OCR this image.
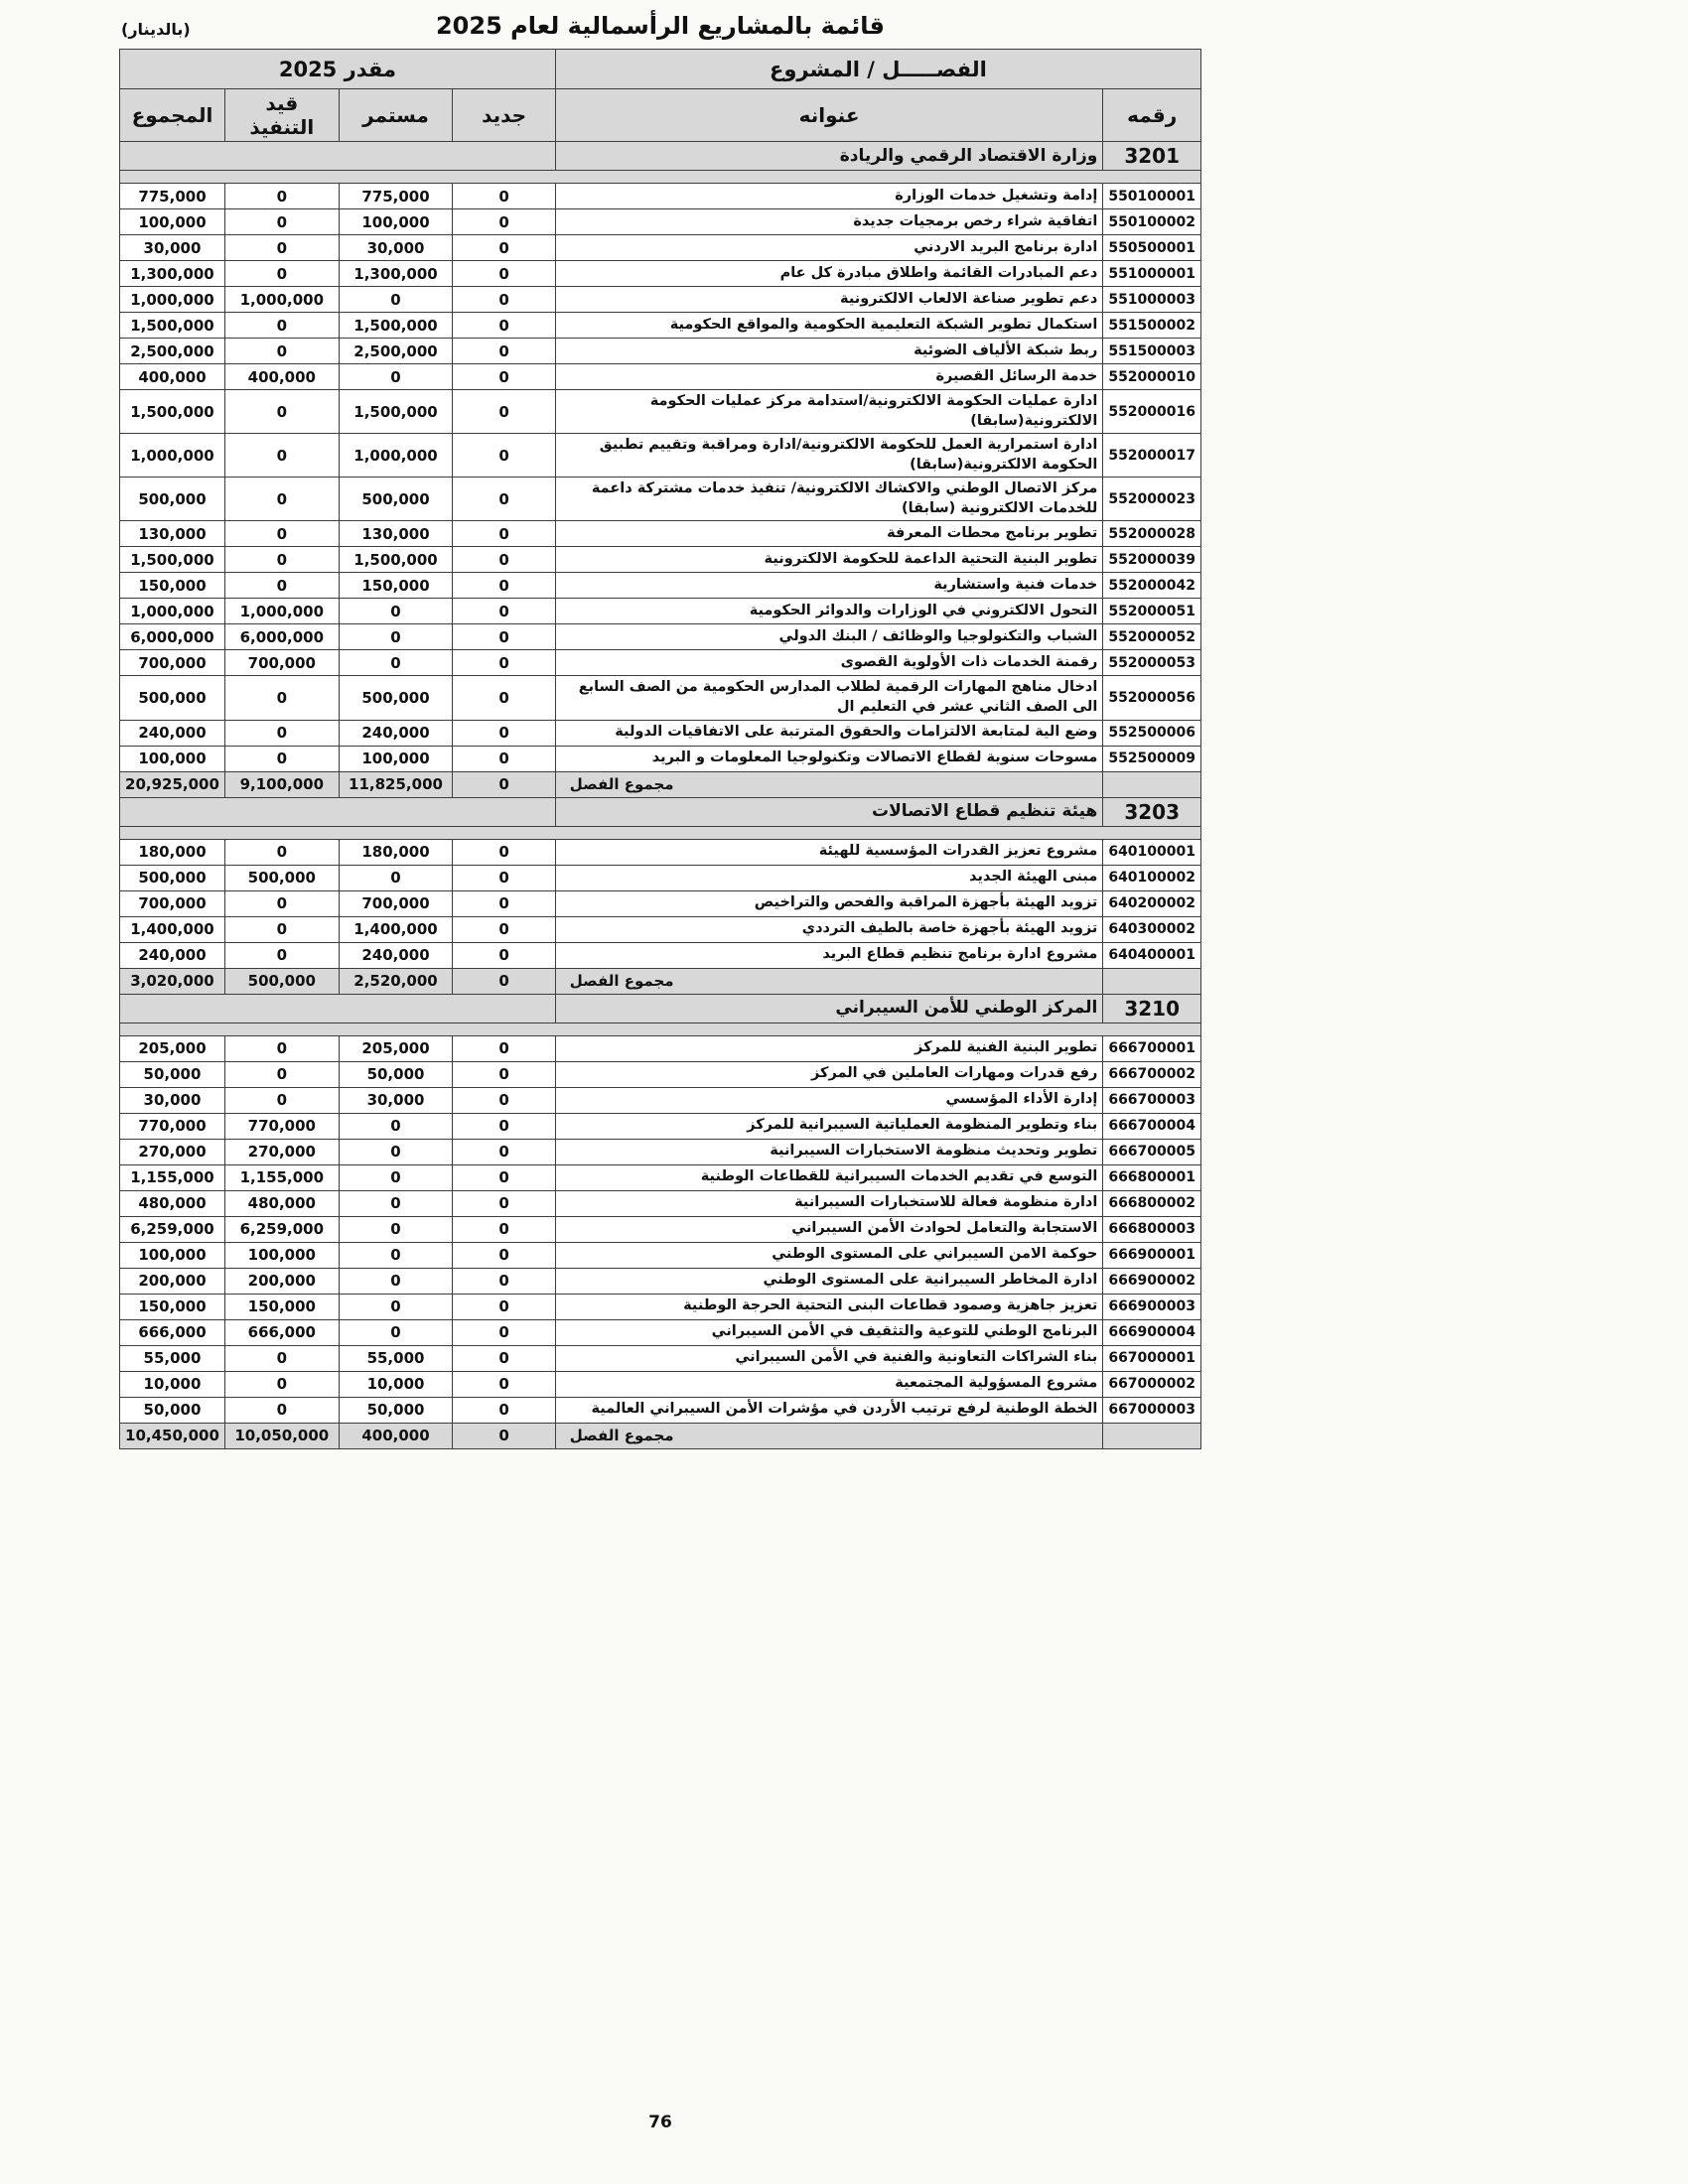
(بالدينار)	قائمة بالمشاريع الرأسمالية لعام 2025
الفصـــــل / المشروع		مقدر 2025			
رقمه	عنوانه	جديد	مستمر	قيد التنفيذ	المجموع
3201	وزارة الاقتصاد الرقمي والريادة				

550100001	إدامة وتشغيل خدمات الوزارة	0	775,000	0	775,000
550100002	اتفاقية شراء رخص برمجيات جديدة	0	100,000	0	100,000
550500001	ادارة برنامج البريد الاردني	0	30,000	0	30,000
551000001	دعم المبادرات القائمة واطلاق مبادرة كل عام	0	1,300,000	0	1,300,000
551000003	دعم تطوير صناعة الالعاب الالكترونية	0	0	1,000,000	1,000,000
551500002	استكمال تطوير الشبكة التعليمية الحكومية والمواقع الحكومية	0	1,500,000	0	1,500,000
551500003	ربط شبكة الألياف الضوئية	0	2,500,000	0	2,500,000
552000010	خدمة الرسائل القصيرة	0	0	400,000	400,000
552000016	ادارة عمليات الحكومة الالكترونية/استدامة مركز عمليات الحكومة الالكترونية(سابقا)	0	1,500,000	0	1,500,000
552000017	ادارة استمرارية العمل للحكومة الالكترونية/ادارة ومراقبة وتقييم تطبيق الحكومة الالكترونية(سابقا)	0	1,000,000	0	1,000,000
552000023	مركز الاتصال الوطني والاكشاك الالكترونية/ تنفيذ خدمات مشتركة داعمة للخدمات الالكترونية (سابقا)	0	500,000	0	500,000
552000028	تطوير برنامج محطات المعرفة	0	130,000	0	130,000
552000039	تطوير البنية التحتية الداعمة للحكومة الالكترونية	0	1,500,000	0	1,500,000
552000042	خدمات فنية واستشارية	0	150,000	0	150,000
552000051	التحول الالكتروني في الوزارات والدوائر الحكومية	0	0	1,000,000	1,000,000
552000052	الشباب والتكنولوجيا والوظائف / البنك الدولي	0	0	6,000,000	6,000,000
552000053	رقمنة الخدمات ذات الأولوية القصوى	0	0	700,000	700,000
552000056	ادخال مناهج المهارات الرقمية لطلاب المدارس الحكومية من الصف السابع الى الصف الثاني عشر في التعليم ال	0	500,000	0	500,000
552500006	وضع الية لمتابعة الالتزامات والحقوق المترتبة على الاتفاقيات الدولية	0	240,000	0	240,000
552500009	مسوحات سنوية لقطاع الاتصالات وتكنولوجيا المعلومات و البريد	0	100,000	0	100,000
	مجموع الفصل	0	11,825,000	9,100,000	20,925,000
3203	هيئة تنظيم قطاع الاتصالات				

640100001	مشروع تعزيز القدرات المؤسسية للهيئة	0	180,000	0	180,000
640100002	مبنى الهيئة الجديد	0	0	500,000	500,000
640200002	تزويد الهيئة بأجهزة المراقبة والفحص والتراخيص	0	700,000	0	700,000
640300002	تزويد الهيئة بأجهزة خاصة بالطيف الترددي	0	1,400,000	0	1,400,000
640400001	مشروع ادارة برنامج تنظيم قطاع البريد	0	240,000	0	240,000
	مجموع الفصل	0	2,520,000	500,000	3,020,000
3210	المركز الوطني للأمن السيبراني				

666700001	تطوير البنية الفنية للمركز	0	205,000	0	205,000
666700002	رفع قدرات ومهارات العاملين في المركز	0	50,000	0	50,000
666700003	إدارة الأداء المؤسسي	0	30,000	0	30,000
666700004	بناء وتطوير المنظومة العملياتية السيبرانية للمركز	0	0	770,000	770,000
666700005	تطوير وتحديث منظومة الاستخبارات السيبرانية	0	0	270,000	270,000
666800001	التوسع في تقديم الخدمات السيبرانية للقطاعات الوطنية	0	0	1,155,000	1,155,000
666800002	ادارة منظومة فعالة للاستخبارات السيبرانية	0	0	480,000	480,000
666800003	الاستجابة والتعامل لحوادث الأمن السيبراني	0	0	6,259,000	6,259,000
666900001	حوكمة الامن السيبراني على المستوى الوطني	0	0	100,000	100,000
666900002	ادارة المخاطر السيبرانية على المستوى الوطني	0	0	200,000	200,000
666900003	تعزيز جاهزية وصمود قطاعات البنى التحتية الحرجة الوطنية	0	0	150,000	150,000
666900004	البرنامج الوطني للتوعية والتثقيف في الأمن السيبراني	0	0	666,000	666,000
667000001	بناء الشراكات التعاونية والفنية في الأمن السيبراني	0	55,000	0	55,000
667000002	مشروع المسؤولية المجتمعية	0	10,000	0	10,000
667000003	الخطة الوطنية لرفع ترتيب الأردن في مؤشرات الأمن السيبراني العالمية	0	50,000	0	50,000
	مجموع الفصل	0	400,000	10,050,000	10,450,000
76
